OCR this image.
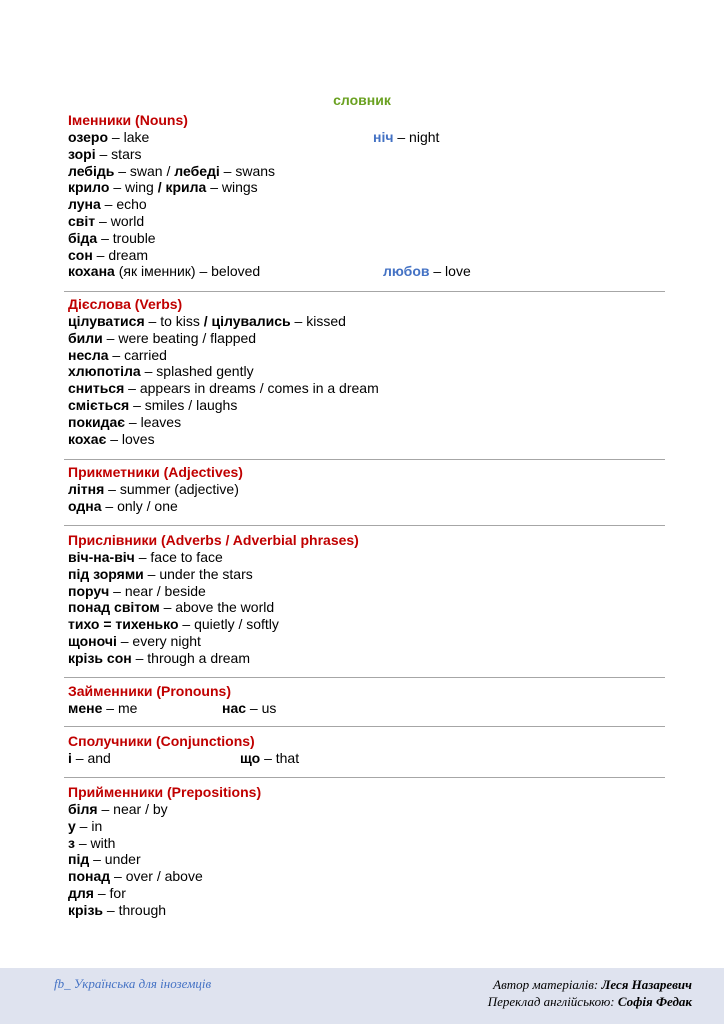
словник
Іменники (Nouns)
озеро – lake	ніч – night
зорі – stars
лебідь – swan / лебеді – swans
крило – wing / крила – wings
луна – echo
світ – world
біда – trouble
сон – dream
кохана (як іменник) – beloved	любов – love
Дієслова (Verbs)
цілуватися – to kiss / цілувались – kissed
били – were beating / flapped
несла – carried
хлюпотіла – splashed gently
сниться – appears in dreams / comes in a dream
сміється – smiles / laughs
покидає – leaves
кохає – loves
Прикметники (Adjectives)
літня – summer (adjective)
одна – only / one
Прислівники (Adverbs / Adverbial phrases)
віч-на-віч – face to face
під зорями – under the stars
поруч – near / beside
понад світом – above the world
тихо = тихенько – quietly / softly
щоночі – every night
крізь сон – through a dream
Займенники (Pronouns)
мене – me	нас – us
Сполучники (Conjunctions)
і – and	що – that
Прийменники (Prepositions)
біля – near / by
у – in
з – with
під – under
понад – over / above
для – for
крізь – through
fb_ Українська для іноземців	Автор матеріалів: Леся Назаревич
Переклад англійською: Софія Федак
